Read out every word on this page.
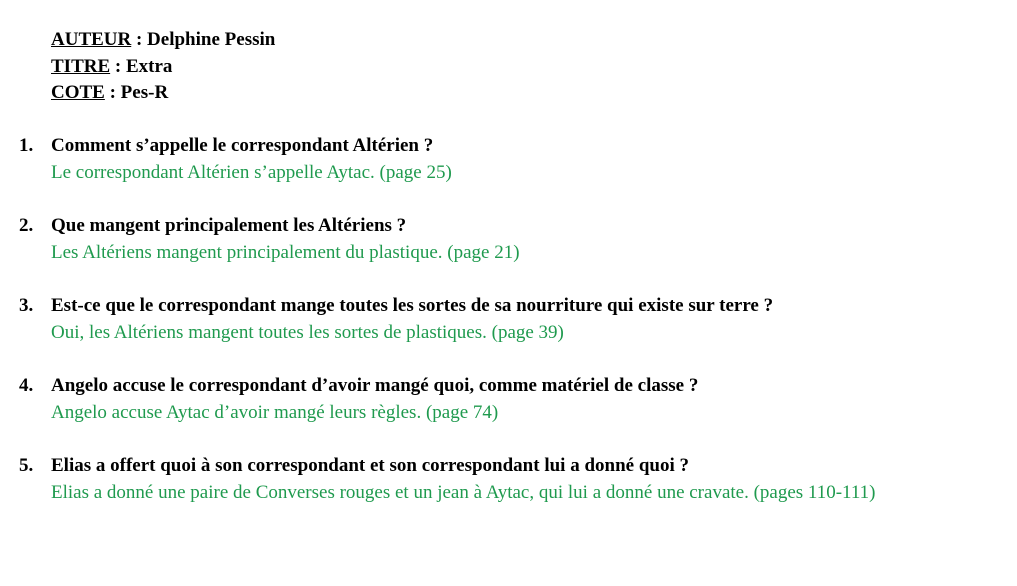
AUTEUR : Delphine Pessin
TITRE : Extra
COTE : Pes-R
1. Comment s’appelle le correspondant Altérien ?
Le correspondant Altérien s’appelle Aytac. (page 25)
2. Que mangent principalement les Altériens ?
Les Altériens mangent principalement du plastique. (page 21)
3. Est-ce que le correspondant mange toutes les sortes de sa nourriture qui existe sur terre ?
Oui, les Altériens mangent toutes les sortes de plastiques. (page 39)
4. Angelo accuse le correspondant d’avoir mangé quoi, comme matériel de classe ?
Angelo accuse Aytac d’avoir mangé leurs règles. (page 74)
5. Elias a offert quoi à son correspondant et son correspondant lui a donné quoi ?
Elias a donné une paire de Converses rouges et un jean à Aytac, qui lui a donné une cravate. (pages 110-111)
